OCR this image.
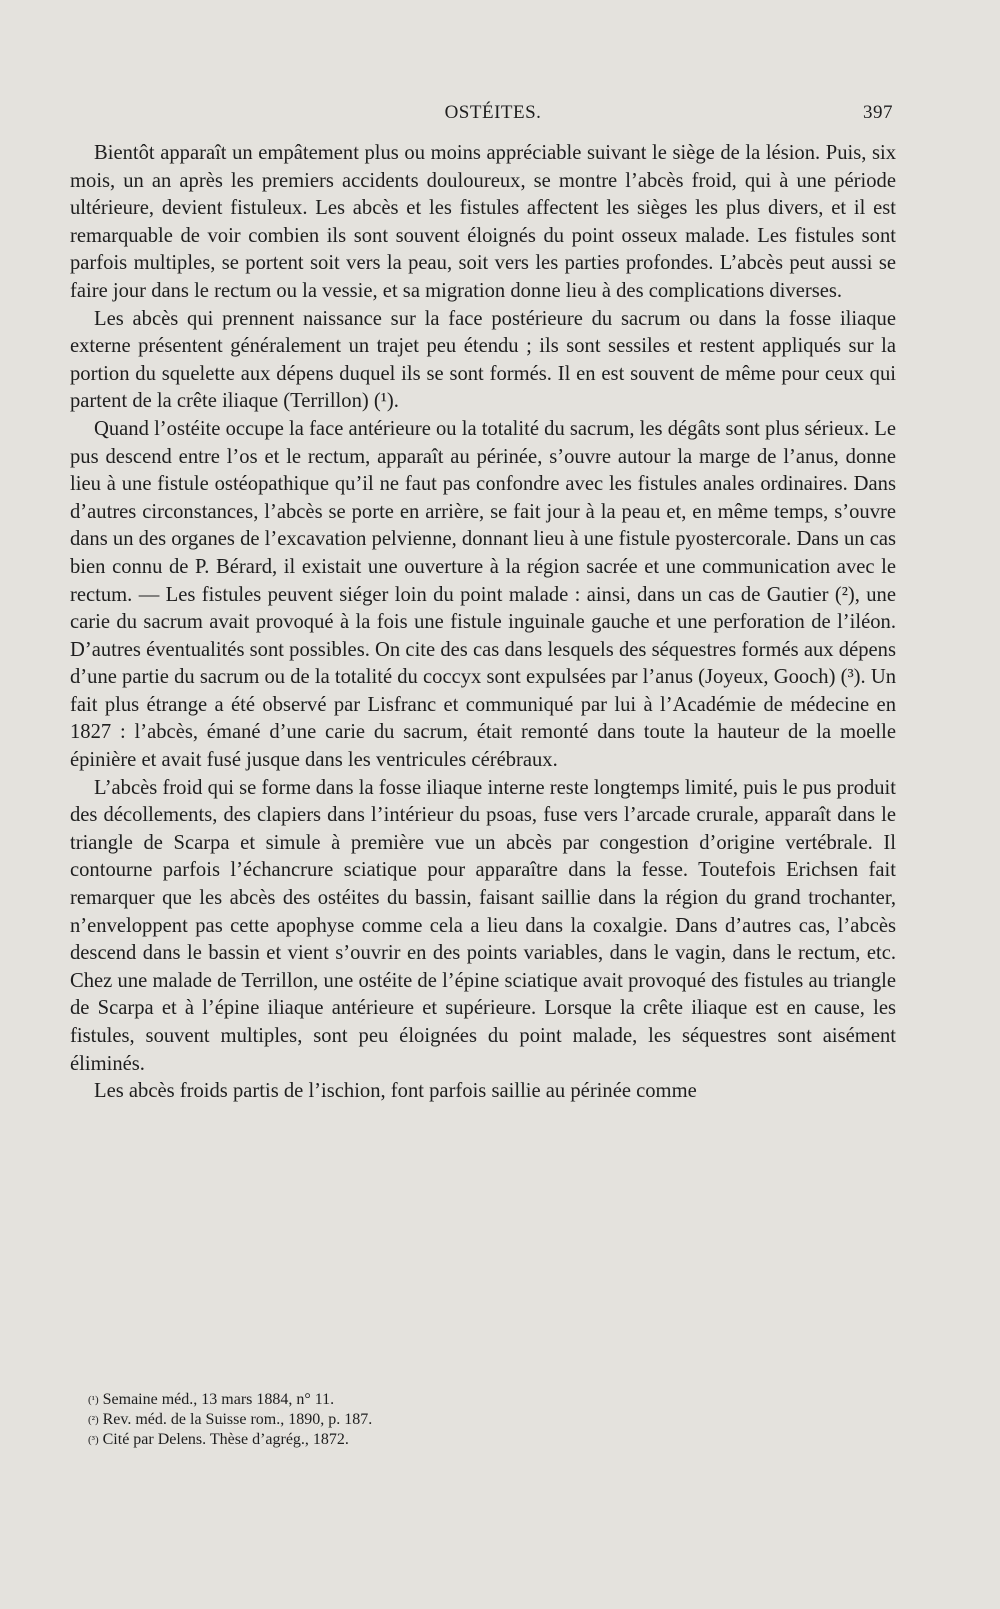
OSTÉITES.	397

Bientôt apparaît un empâtement plus ou moins appréciable suivant le siège de la lésion. Puis, six mois, un an après les premiers accidents douloureux, se montre l’abcès froid, qui à une période ultérieure, devient fistuleux. Les abcès et les fistules affectent les sièges les plus divers, et il est remarquable de voir combien ils sont souvent éloignés du point osseux malade. Les fistules sont parfois multiples, se portent soit vers la peau, soit vers les parties profondes. L’abcès peut aussi se faire jour dans le rectum ou la vessie, et sa migration donne lieu à des complications diverses.

Les abcès qui prennent naissance sur la face postérieure du sacrum ou dans la fosse iliaque externe présentent généralement un trajet peu étendu ; ils sont sessiles et restent appliqués sur la portion du squelette aux dépens duquel ils se sont formés. Il en est souvent de même pour ceux qui partent de la crête iliaque (Terrillon) (¹).

Quand l’ostéite occupe la face antérieure ou la totalité du sacrum, les dégâts sont plus sérieux. Le pus descend entre l’os et le rectum, apparaît au périnée, s’ouvre autour la marge de l’anus, donne lieu à une fistule ostéopathique qu’il ne faut pas confondre avec les fistules anales ordinaires. Dans d’autres circonstances, l’abcès se porte en arrière, se fait jour à la peau et, en même temps, s’ouvre dans un des organes de l’excavation pelvienne, donnant lieu à une fistule pyostercorale. Dans un cas bien connu de P. Bérard, il existait une ouverture à la région sacrée et une communication avec le rectum. — Les fistules peuvent siéger loin du point malade : ainsi, dans un cas de Gautier (²), une carie du sacrum avait provoqué à la fois une fistule inguinale gauche et une perforation de l’iléon. D’autres éventualités sont possibles. On cite des cas dans lesquels des séquestres formés aux dépens d’une partie du sacrum ou de la totalité du coccyx sont expulsées par l’anus (Joyeux, Gooch) (³). Un fait plus étrange a été observé par Lisfranc et communiqué par lui à l’Académie de médecine en 1827 : l’abcès, émané d’une carie du sacrum, était remonté dans toute la hauteur de la moelle épinière et avait fusé jusque dans les ventricules cérébraux.

L’abcès froid qui se forme dans la fosse iliaque interne reste longtemps limité, puis le pus produit des décollements, des clapiers dans l’intérieur du psoas, fuse vers l’arcade crurale, apparaît dans le triangle de Scarpa et simule à première vue un abcès par congestion d’origine vertébrale. Il contourne parfois l’échancrure sciatique pour apparaître dans la fesse. Toutefois Erichsen fait remarquer que les abcès des ostéites du bassin, faisant saillie dans la région du grand trochanter, n’enveloppent pas cette apophyse comme cela a lieu dans la coxalgie. Dans d’autres cas, l’abcès descend dans le bassin et vient s’ouvrir en des points variables, dans le vagin, dans le rectum, etc. Chez une malade de Terrillon, une ostéite de l’épine sciatique avait provoqué des fistules au triangle de Scarpa et à l’épine iliaque antérieure et supérieure. Lorsque la crête iliaque est en cause, les fistules, souvent multiples, sont peu éloignées du point malade, les séquestres sont aisément éliminés.

Les abcès froids partis de l’ischion, font parfois saillie au périnée comme

$^{(^1)}$ Semaine méd., 13 mars 1884, n° 11.

$^{(^2)}$ Rev. méd. de la Suisse rom., 1890, p. 187.

$^{(^3)}$ Cité par Delens. Thèse d’agrég., 1872.
